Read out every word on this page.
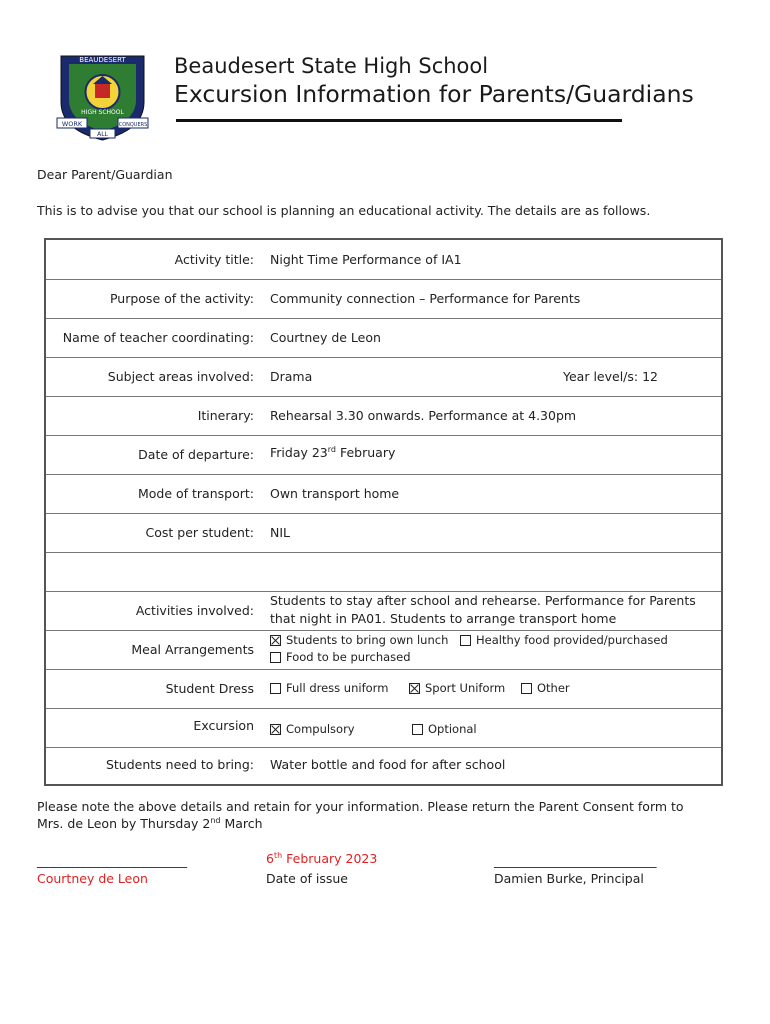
BEAUDESERT
HIGH SCHOOL
WORK	CONQUERS
ALL
Beaudesert State High School
Excursion Information for Parents/Guardians
Dear Parent/Guardian
This is to advise you that our school is planning an educational activity. The details are as follows.
Activity title: Night Time Performance of IA1
Purpose of the activity: Community connection – Performance for Parents
Name of teacher coordinating: Courtney de Leon
Subject areas involved: Drama	Year level/s: 12
Itinerary: Rehearsal 3.30 onwards. Performance at 4.30pm
Date of departure: Friday 23rd February
Mode of transport: Own transport home
Cost per student: NIL
Activities involved:
Students to stay after school and rehearse. Performance for Parents
that night in PA01. Students to arrange transport home
Meal Arrangements
Students to bring own lunch	Healthy food provided/purchased
Food to be purchased
Student Dress	Full dress uniform	Sport Uniform	Other
Excursion	Compulsory	Optional
Students need to bring: Water bottle and food for after school
Please note the above details and retain for your information. Please return the Parent Consent form to
Mrs. de Leon by Thursday 2nd March
________________________
Courtney de Leon
6th February 2023
Date of issue
__________________________
Damien Burke, Principal
